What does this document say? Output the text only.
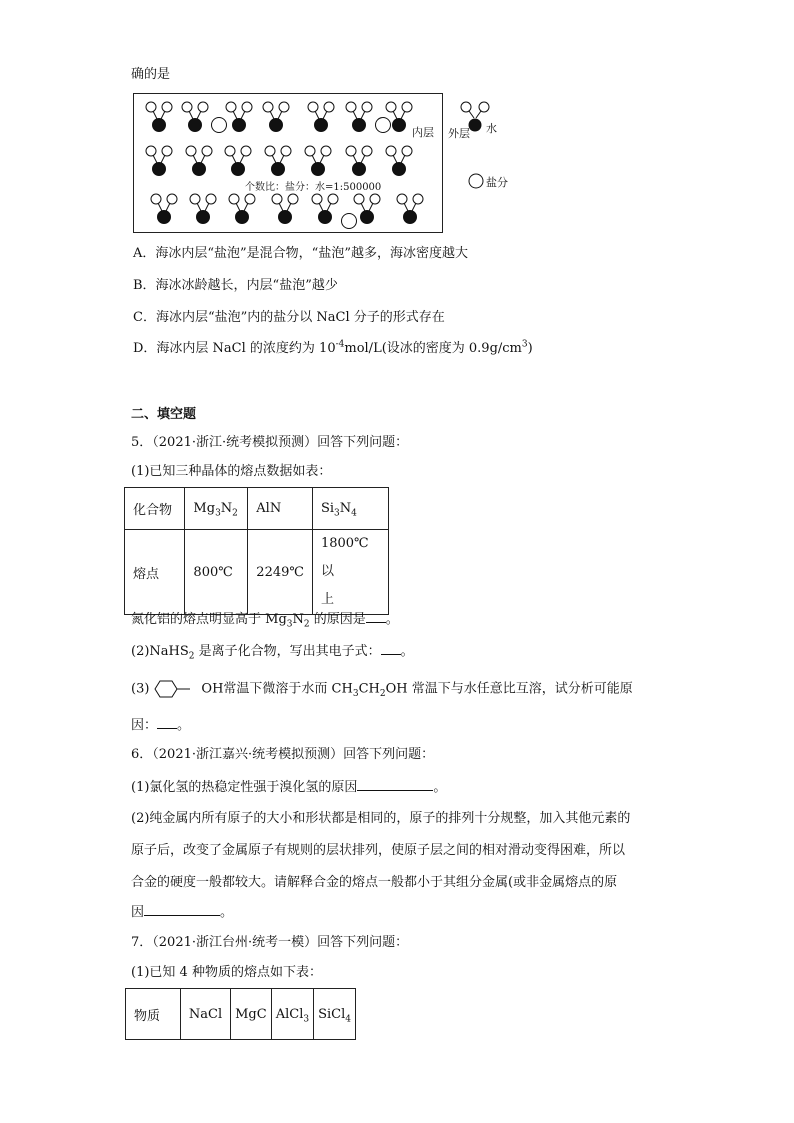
确的是
内层
个数比：盐分：水=1:500000
外层 水
盐分
A．海冰内层“盐泡”是混合物，“盐泡”越多，海冰密度越大
B．海冰冰龄越长，内层“盐泡”越少
C．海冰内层“盐泡”内的盐分以 NaCl 分子的形式存在
D．海冰内层 NaCl 的浓度约为 $10^{-4}mol/L$(设冰的密度为 $0.9g/cm^3$)
二、填空题
5．（2021·浙江·统考模拟预测）回答下列问题：
(1)已知三种晶体的熔点数据如表：
化合物	$Mg_3N_2$	AlN	$Si_3N_4$
熔点	800℃	2249℃	1800℃以
上
氮化铝的熔点明显高于 $Mg_3N_2$ 的原因是 。
(2)NaHS$_2$ 是离子化合物，写出其电子式： 。
(3)	OH常温下微溶于水而 $CH_3CH_2OH$ 常温下与水任意比互溶，试分析可能原
因： 。
6．（2021·浙江嘉兴·统考模拟预测）回答下列问题：
(1)氯化氢的热稳定性强于溴化氢的原因	。
(2)纯金属内所有原子的大小和形状都是相同的，原子的排列十分规整，加入其他元素的
原子后，改变了金属原子有规则的层状排列，使原子层之间的相对滑动变得困难，所以
合金的硬度一般都较大。请解释合金的熔点一般都小于其组分金属(或非金属熔点的原
因	。
7．（2021·浙江台州·统考一模）回答下列问题：
(1)已知 4 种物质的熔点如下表：
物质	NaCl	MgC	AlCl$_3$	SiCl$_4$
